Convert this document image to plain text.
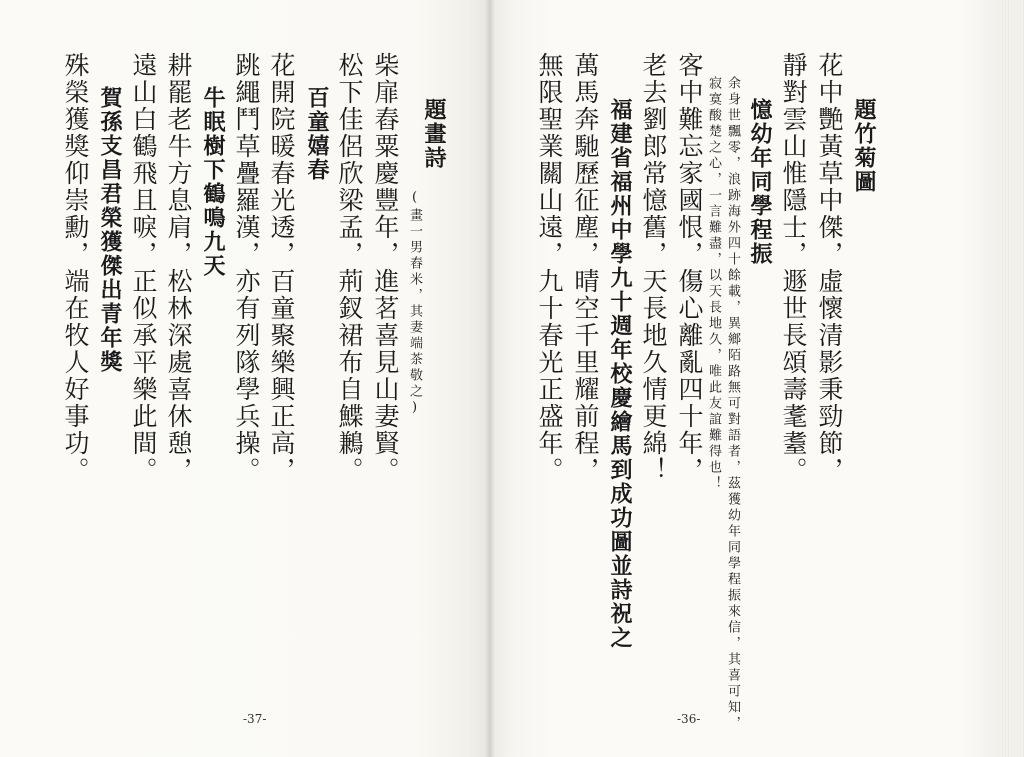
題畫詩
(畫一男舂米，其妻端茶敬之)
柴扉舂粟慶豐年，進茗喜見山妻賢。
松下佳侶欣梁孟，荊釵裙布自鰈鶼。
百童嬉春
花開院暖春光透，百童聚樂興正高，
跳繩鬥草疊羅漢，亦有列隊學兵操。
牛眠樹下鶴鳴九天
耕罷老牛方息肩，松林深處喜休憩，
遠山白鶴飛且唳，正似承平樂此間。
賀孫支昌君榮獲傑出青年獎
殊榮獲獎仰崇勳，端在牧人好事功。
-37-
題竹菊圖
花中艷黃草中傑，虛懷清影秉勁節，
靜對雲山惟隱士，遯世長頌壽耄耋。
憶幼年同學程振
余身世飄零，浪跡海外四十餘載，異鄉陌路無可對語者，茲獲幼年同學程振來信，其喜可知，
寂寞酸楚之心，一言難盡，以天長地久，唯此友誼難得也！
客中難忘家國恨，傷心離亂四十年，
老去劉郎常憶舊，天長地久情更綿！
福建省福州中學九十週年校慶繪馬到成功圖並詩祝之
萬馬奔馳歷征塵，晴空千里耀前程，
無限聖業關山遠，九十春光正盛年。
-36-
